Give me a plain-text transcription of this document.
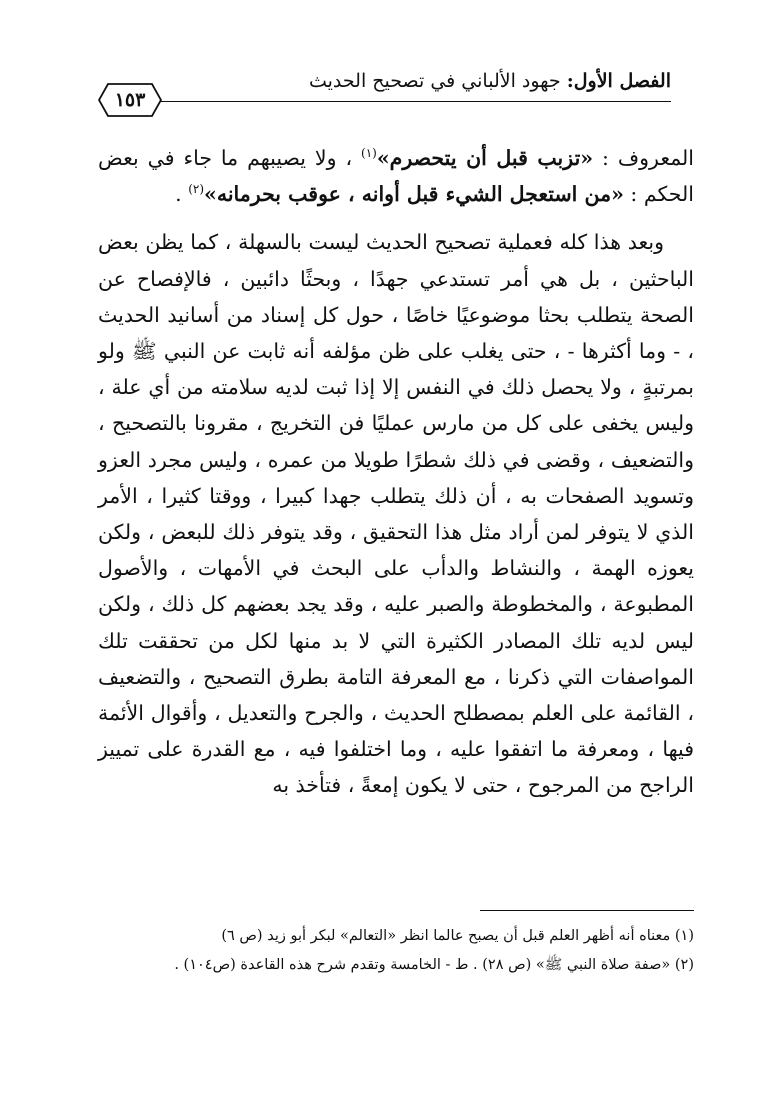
الفصل الأول: جهود الألباني في تصحيح الحديث
١٥٣

المعروف : «تزبب قبل أن يتحصرم»$^{(١)}$ ، ولا يصيبهم ما جاء في بعض الحكم : «من استعجل الشيء قبل أوانه ، عوقب بحرمانه»$^{(٢)}$ .

وبعد هذا كله فعملية تصحيح الحديث ليست بالسهلة ، كما يظن بعض الباحثين ، بل هي أمر تستدعي جهدًا ، وبحثًا دائبين ، فالإفصاح عن الصحة يتطلب بحثا موضوعيًا خاصًا ، حول كل إسناد من أسانيد الحديث ، - وما أكثرها - ، حتى يغلب على ظن مؤلفه أنه ثابت عن النبي ﷺ ولو بمرتبةٍ ، ولا يحصل ذلك في النفس إلا إذا ثبت لديه سلامته من أي علة ، وليس يخفى على كل من مارس عمليًا فن التخريج ، مقرونا بالتصحيح ، والتضعيف ، وقضى في ذلك شطرًا طويلا من عمره ، وليس مجرد العزو وتسويد الصفحات به ، أن ذلك يتطلب جهدا كبيرا ، ووقتا كثيرا ، الأمر الذي لا يتوفر لمن أراد مثل هذا التحقيق ، وقد يتوفر ذلك للبعض ، ولكن يعوزه الهمة ، والنشاط والدأب على البحث في الأمهات ، والأصول المطبوعة ، والمخطوطة والصبر عليه ، وقد يجد بعضهم كل ذلك ، ولكن ليس لديه تلك المصادر الكثيرة التي لا بد منها لكل من تحققت تلك المواصفات التي ذكرنا ، مع المعرفة التامة بطرق التصحيح ، والتضعيف ، القائمة على العلم بمصطلح الحديث ، والجرح والتعديل ، وأقوال الأئمة فيها ، ومعرفة ما اتفقوا عليه ، وما اختلفوا فيه ، مع القدرة على تمييز الراجح من المرجوح ، حتى لا يكون إمعةً ، فتأخذ به

(١) معناه أنه أظهر العلم قبل أن يصبح عالما انظر «التعالم» لبكر أبو زيد (ص ٦)
(٢) «صفة صلاة النبي ﷺ» (ص ٢٨) . ط - الخامسة وتقدم شرح هذه القاعدة (ص١٠٤) .
